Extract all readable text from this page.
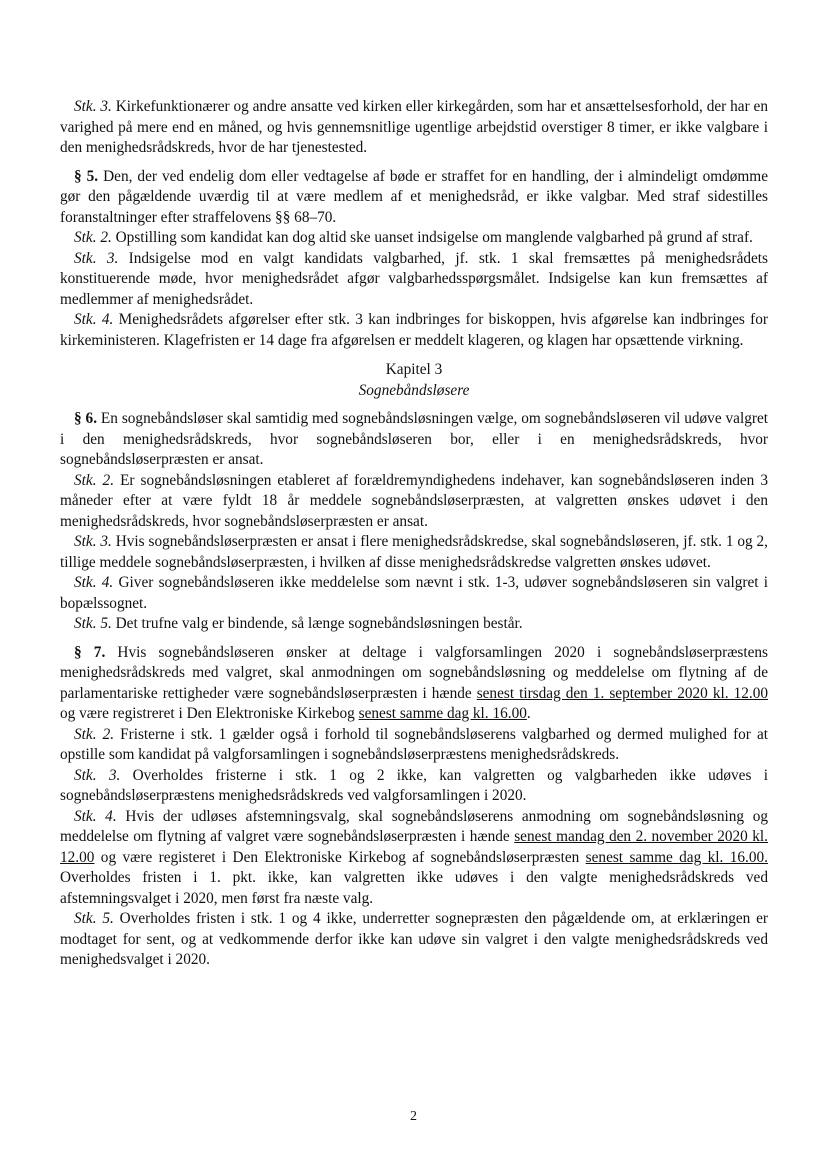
Stk. 3. Kirkefunktionærer og andre ansatte ved kirken eller kirkegården, som har et ansættelsesforhold, der har en varighed på mere end en måned, og hvis gennemsnitlige ugentlige arbejdstid overstiger 8 timer, er ikke valgbare i den menighedsrådskreds, hvor de har tjenestested.

§ 5. Den, der ved endelig dom eller vedtagelse af bøde er straffet for en handling, der i almindeligt omdømme gør den pågældende uværdig til at være medlem af et menighedsråd, er ikke valgbar. Med straf sidestilles foranstaltninger efter straffelovens §§ 68–70.

Stk. 2. Opstilling som kandidat kan dog altid ske uanset indsigelse om manglende valgbarhed på grund af straf.

Stk. 3. Indsigelse mod en valgt kandidats valgbarhed, jf. stk. 1 skal fremsættes på menighedsrådets konstituerende møde, hvor menighedsrådet afgør valgbarhedsspørgsmålet. Indsigelse kan kun fremsættes af medlemmer af menighedsrådet.

Stk. 4. Menighedsrådets afgørelser efter stk. 3 kan indbringes for biskoppen, hvis afgørelse kan indbringes for kirkeministeren. Klagefristen er 14 dage fra afgørelsen er meddelt klageren, og klagen har opsættende virkning.

Kapitel 3

Sognebåndsløsere

§ 6. En sognebåndsløser skal samtidig med sognebåndsløsningen vælge, om sognebåndsløseren vil udøve valgret i den menighedsrådskreds, hvor sognebåndsløseren bor, eller i en menighedsrådskreds, hvor sognebåndsløserpræsten er ansat.

Stk. 2. Er sognebåndsløsningen etableret af forældremyndighedens indehaver, kan sognebåndsløseren inden 3 måneder efter at være fyldt 18 år meddele sognebåndsløserpræsten, at valgretten ønskes udøvet i den menighedsrådskreds, hvor sognebåndsløserpræsten er ansat.

Stk. 3. Hvis sognebåndsløserpræsten er ansat i flere menighedsrådskredse, skal sognebåndsløseren, jf. stk. 1 og 2, tillige meddele sognebåndsløserpræsten, i hvilken af disse menighedsrådskredse valgretten ønskes udøvet.

Stk. 4. Giver sognebåndsløseren ikke meddelelse som nævnt i stk. 1-3, udøver sognebåndsløseren sin valgret i bopælssognet.

Stk. 5. Det trufne valg er bindende, så længe sognebåndsløsningen består.

§ 7. Hvis sognebåndsløseren ønsker at deltage i valgforsamlingen 2020 i sognebåndsløserpræstens menighedsrådskreds med valgret, skal anmodningen om sognebåndsløsning og meddelelse om flytning af de parlamentariske rettigheder være sognebåndsløserpræsten i hænde senest tirsdag den 1. september 2020 kl. 12.00 og være registreret i Den Elektroniske Kirkebog senest samme dag kl. 16.00.

Stk. 2. Fristerne i stk. 1 gælder også i forhold til sognebåndsløserens valgbarhed og dermed mulighed for at opstille som kandidat på valgforsamlingen i sognebåndsløserpræstens menighedsrådskreds.

Stk. 3. Overholdes fristerne i stk. 1 og 2 ikke, kan valgretten og valgbarheden ikke udøves i sognebåndsløserpræstens menighedsrådskreds ved valgforsamlingen i 2020.

Stk. 4. Hvis der udløses afstemningsvalg, skal sognebåndsløserens anmodning om sognebåndsløsning og meddelelse om flytning af valgret være sognebåndsløserpræsten i hænde senest mandag den 2. november 2020 kl. 12.00 og være registeret i Den Elektroniske Kirkebog af sognebåndsløserpræsten senest samme dag kl. 16.00. Overholdes fristen i 1. pkt. ikke, kan valgretten ikke udøves i den valgte menighedsrådskreds ved afstemningsvalget i 2020, men først fra næste valg.

Stk. 5. Overholdes fristen i stk. 1 og 4 ikke, underretter sognepræsten den pågældende om, at erklæringen er modtaget for sent, og at vedkommende derfor ikke kan udøve sin valgret i den valgte menighedsrådskreds ved menighedsvalget i 2020.

2
